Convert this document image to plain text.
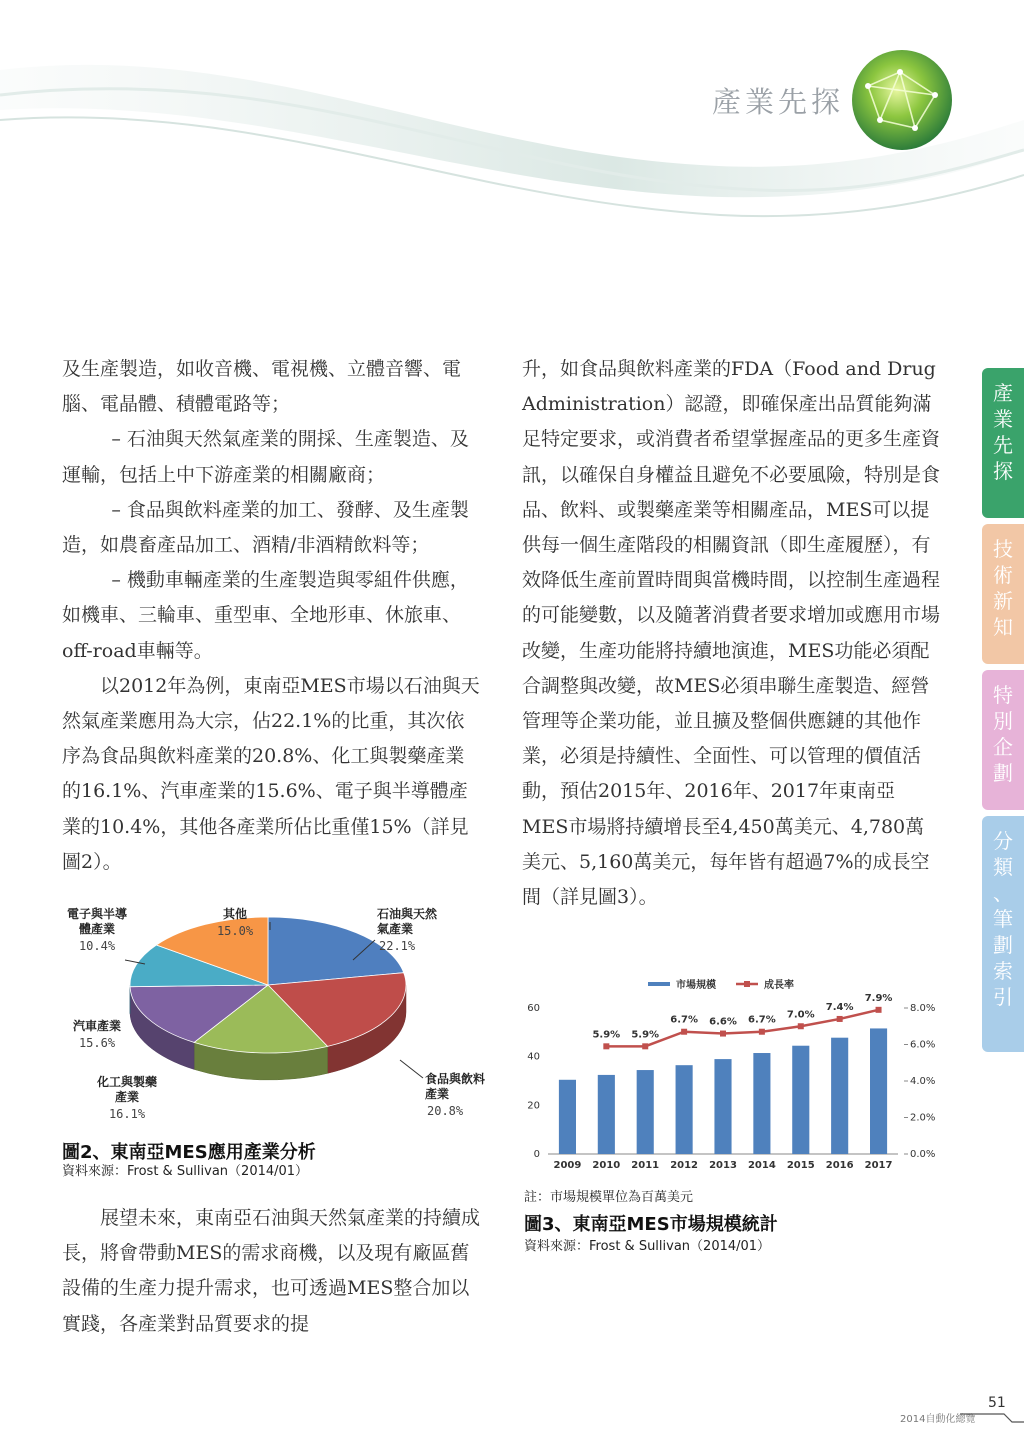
產業先探
產
業
先
探
技
術
新
知
特
別
企
劃
分
類
、
筆
劃
索
引

及生產製造，如收音機、電視機、立體音響、電腦、電晶體、積體電路等；

– 石油與天然氣產業的開採、生產製造、及運輸，包括上中下游產業的相關廠商；

– 食品與飲料產業的加工、發酵、及生產製造，如農畜產品加工、酒精/非酒精飲料等；

– 機動車輛產業的生產製造與零組件供應，如機車、三輪車、重型車、全地形車、休旅車、off-road車輛等。

以2012年為例，東南亞MES市場以石油與天然氣產業應用為大宗，佔22.1%的比重，其次依序為食品與飲料產業的20.8%、化工與製藥產業的16.1%、汽車產業的15.6%、電子與半導體產業的10.4%，其他各產業所佔比重僅15%（詳見圖2）。

石油與天然
氣產業
22.1%
食品與飲料
產業
20.8%
化工與製藥
產業
16.1%
汽車產業
15.6%
電子與半導
體產業
10.4%
其他
15.0%
圖2、東南亞MES應用產業分析
資料來源：Frost & Sullivan（2014/01）

展望未來，東南亞石油與天然氣產業的持續成長，將會帶動MES的需求商機，以及現有廠區舊設備的生產力提升需求，也可透過MES整合加以實踐，各產業對品質要求的提

升，如食品與飲料產業的FDA（Food and Drug Administration）認證，即確保產出品質能夠滿足特定要求，或消費者希望掌握產品的更多生產資訊，以確保自身權益且避免不必要風險，特別是食品、飲料、或製藥產業等相關產品，MES可以提供每一個生產階段的相關資訊（即生產履歷），有效降低生產前置時間與當機時間，以控制生產過程的可能變數，以及隨著消費者要求增加或應用市場改變，生產功能將持續地演進，MES功能必須配合調整與改變，故MES必須串聯生產製造、經營管理等企業功能，並且擴及整個供應鏈的其他作業，必須是持續性、全面性、可以管理的價值活動，預估2015年、2016年、2017年東南亞MES市場將持續增長至4,450萬美元、4,780萬美元、5,160萬美元，每年皆有超過7%的成長空間（詳見圖3）。

市場規模	成長率
0
20
40
60
0.0%
2.0%
4.0%
6.0%
8.0%
2009 2010 2011 2012 2013 2014 2015 2016 2017
5.9% 5.9%
6.7% 6.6% 6.7% 7.0%
7.4%
7.9%
註：市場規模單位為百萬美元
圖3、東南亞MES市場規模統計
資料來源：Frost & Sullivan（2014/01）
2014自動化總覽
51
